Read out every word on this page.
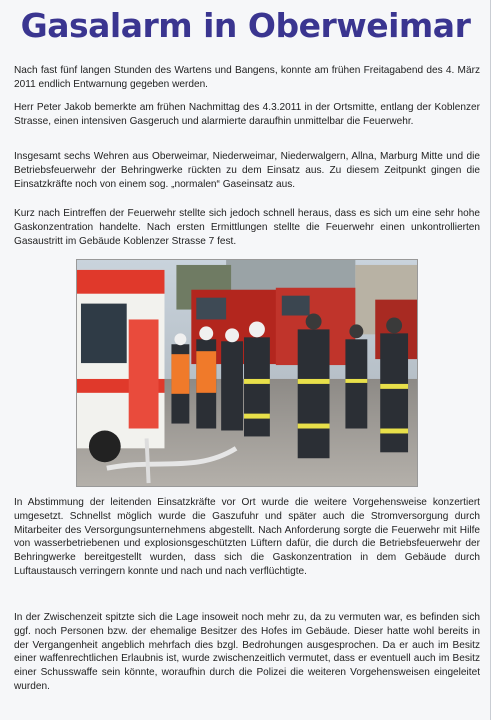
Gasalarm in Oberweimar

Nach fast fünf langen Stunden des Wartens und Bangens, konnte am frühen Freitagabend des 4. März 2011 endlich Entwarnung gegeben werden.

Herr Peter Jakob bemerkte am frühen Nachmittag des 4.3.2011 in der Ortsmitte, entlang der Koblenzer Strasse, einen intensiven Gasgeruch und alarmierte daraufhin unmittelbar die Feuerwehr.

Insgesamt sechs Wehren aus Oberweimar, Niederweimar, Niederwalgern, Allna, Marburg Mitte und die Betriebsfeuerwehr der Behringwerke rückten zu dem Einsatz aus. Zu diesem Zeitpunkt gingen die Einsatzkräfte noch von einem sog. „normalen“ Gaseinsatz aus.

Kurz nach Eintreffen der Feuerwehr stellte sich jedoch schnell heraus, dass es sich um eine sehr hohe Gaskonzentration handelte. Nach ersten Ermittlungen stellte die Feuerwehr einen unkontrollierten Gasaustritt im Gebäude Koblenzer Strasse 7 fest.

In Abstimmung der leitenden Einsatzkräfte vor Ort wurde die weitere Vorgehensweise konzertiert umgesetzt. Schnellst möglich wurde die Gaszufuhr und später auch die Stromversorgung durch Mitarbeiter des Versorgungsunternehmens abgestellt. Nach Anforderung sorgte die Feuerwehr mit Hilfe von wasserbetriebenen und explosionsgeschützten Lüftern dafür, die durch die Betriebsfeuerwehr der Behringwerke bereitgestellt wurden, dass sich die Gaskonzentration in dem Gebäude durch Luftaustausch verringern konnte und nach und nach verflüchtigte.

In der Zwischenzeit spitzte sich die Lage insoweit noch mehr zu, da zu vermuten war, es befinden sich ggf. noch Personen bzw. der ehemalige Besitzer des Hofes im Gebäude. Dieser hatte wohl bereits in der Vergangenheit angeblich mehrfach dies bzgl. Bedrohungen ausgesprochen. Da er auch im Besitz einer waffenrechtlichen Erlaubnis ist, wurde zwischenzeitlich vermutet, dass er eventuell auch im Besitz einer Schusswaffe sein könnte, woraufhin durch die Polizei die weiteren Vorgehensweisen eingeleitet wurden.
